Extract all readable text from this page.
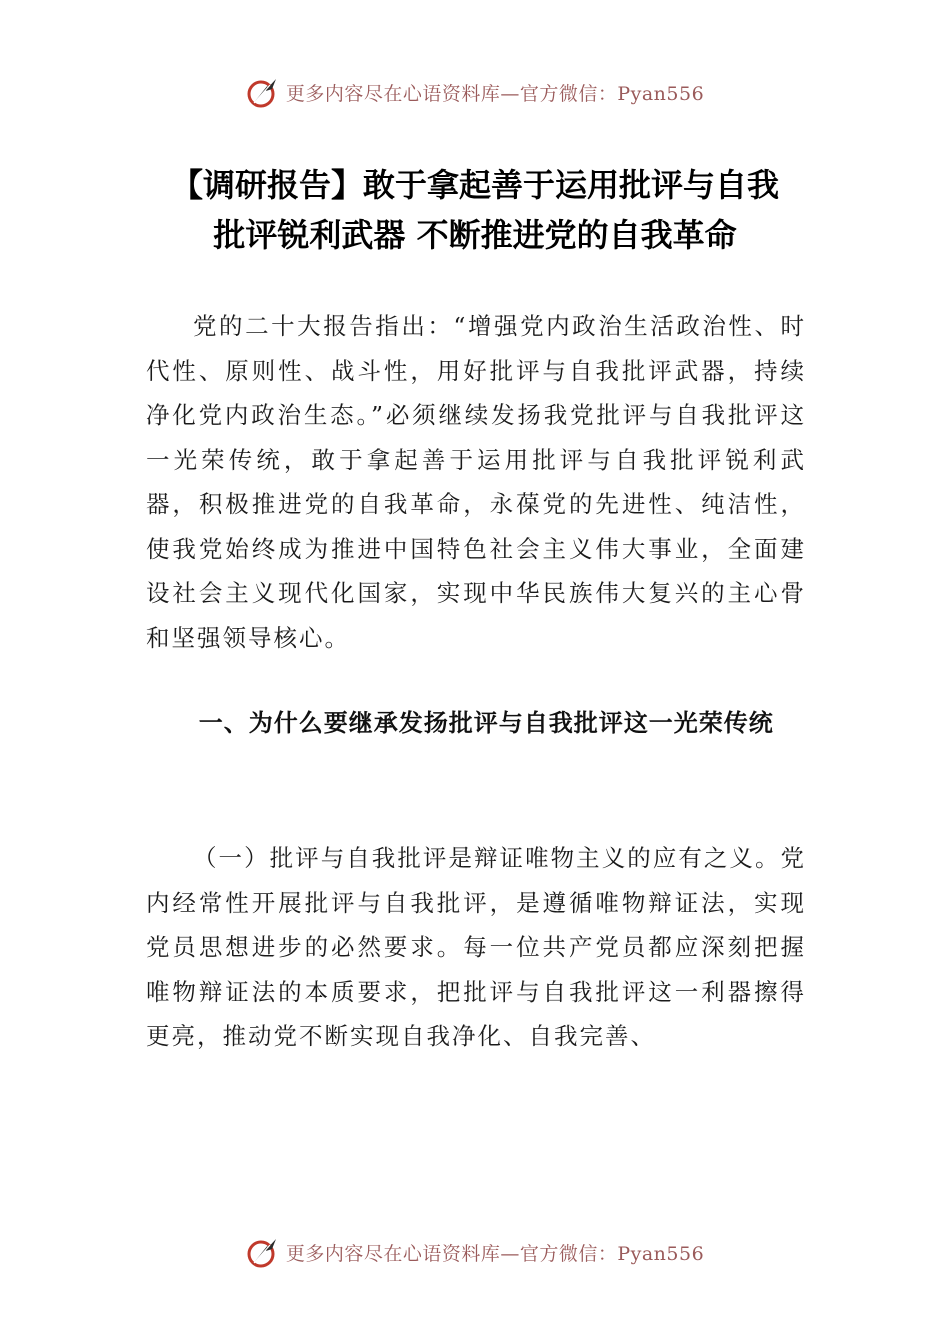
更多内容尽在心语资料库—官方微信：Pyan556
【调研报告】敢于拿起善于运用批评与自我
批评锐利武器 不断推进党的自我革命

党的二十大报告指出：“增强党内政治生活政治性、时代性、原则性、战斗性，用好批评与自我批评武器，持续净化党内政治生态。”必须继续发扬我党批评与自我批评这一光荣传统，敢于拿起善于运用批评与自我批评锐利武器，积极推进党的自我革命，永葆党的先进性、纯洁性，使我党始终成为推进中国特色社会主义伟大事业，全面建设社会主义现代化国家，实现中华民族伟大复兴的主心骨和坚强领导核心。

一、为什么要继承发扬批评与自我批评这一光荣传统

（一）批评与自我批评是辩证唯物主义的应有之义。党内经常性开展批评与自我批评，是遵循唯物辩证法，实现党员思想进步的必然要求。每一位共产党员都应深刻把握唯物辩证法的本质要求，把批评与自我批评这一利器擦得更亮，推动党不断实现自我净化、自我完善、

更多内容尽在心语资料库—官方微信：Pyan556
